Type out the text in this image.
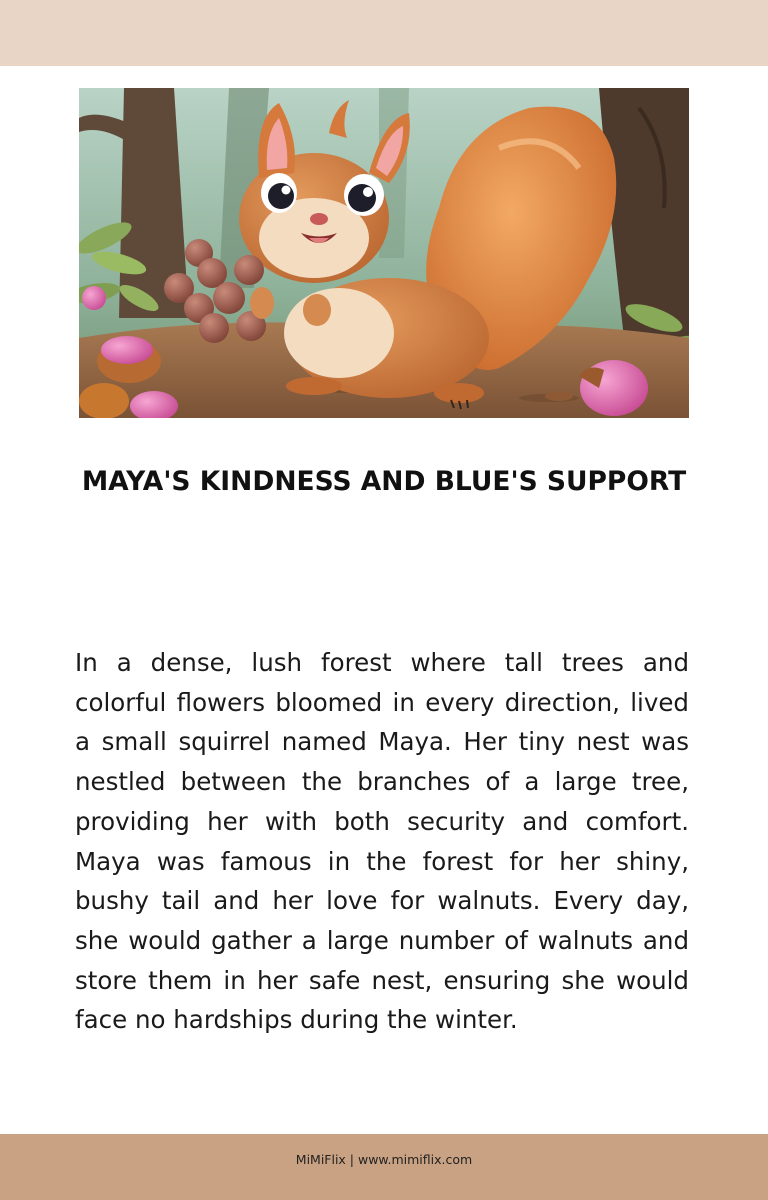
MAYA'S KINDNESS AND BLUE'S SUPPORT

In a dense, lush forest where tall trees and colorful flowers bloomed in every direction, lived a small squirrel named Maya. Her tiny nest was nestled between the branches of a large tree, providing her with both security and comfort. Maya was famous in the forest for her shiny, bushy tail and her love for walnuts. Every day, she would gather a large number of walnuts and store them in her safe nest, ensuring she would face no hardships during the winter.

MiMiFlix | www.mimiflix.com
